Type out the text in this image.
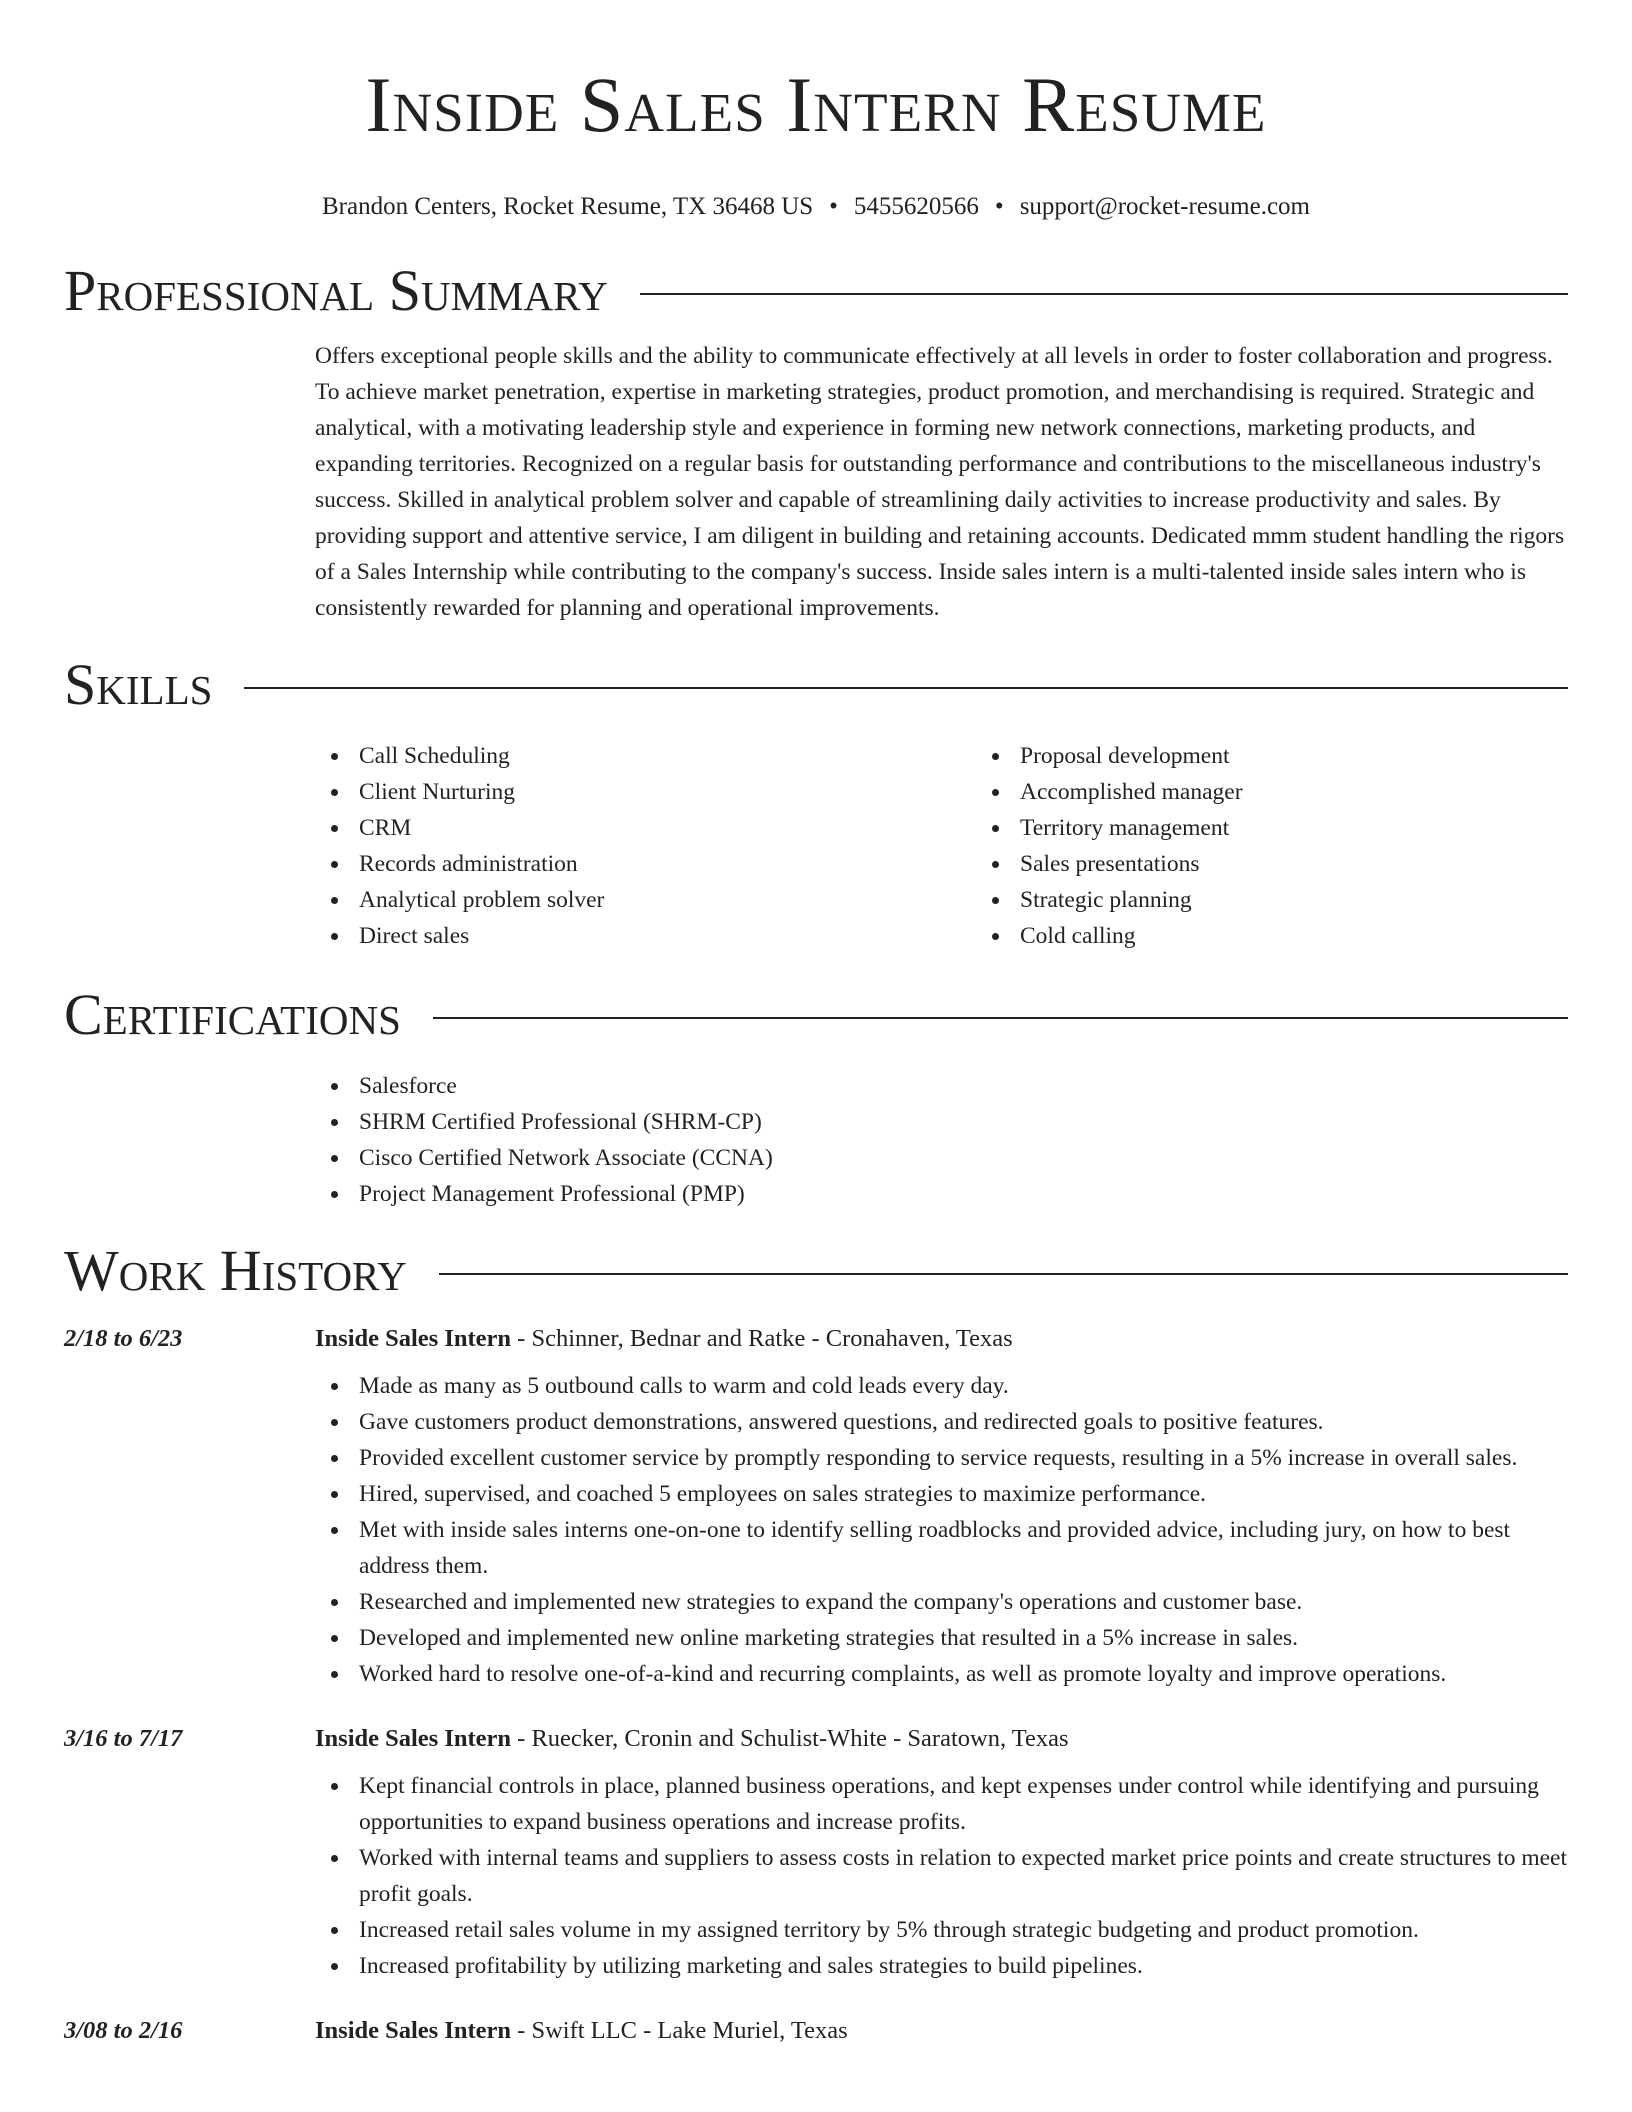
Inside Sales Intern Resume
Brandon Centers, Rocket Resume, TX 36468 US • 5455620566 • support@rocket-resume.com
Professional Summary
Offers exceptional people skills and the ability to communicate effectively at all levels in order to foster collaboration and progress. To achieve market penetration, expertise in marketing strategies, product promotion, and merchandising is required. Strategic and analytical, with a motivating leadership style and experience in forming new network connections, marketing products, and expanding territories. Recognized on a regular basis for outstanding performance and contributions to the miscellaneous industry's success. Skilled in analytical problem solver and capable of streamlining daily activities to increase productivity and sales. By providing support and attentive service, I am diligent in building and retaining accounts. Dedicated mmm student handling the rigors of a Sales Internship while contributing to the company's success. Inside sales intern is a multi-talented inside sales intern who is consistently rewarded for planning and operational improvements.
Skills
Call Scheduling
Client Nurturing
CRM
Records administration
Analytical problem solver
Direct sales
Proposal development
Accomplished manager
Territory management
Sales presentations
Strategic planning
Cold calling
Certifications
Salesforce
SHRM Certified Professional (SHRM-CP)
Cisco Certified Network Associate (CCNA)
Project Management Professional (PMP)
Work History
2/18 to 6/23	Inside Sales Intern - Schinner, Bednar and Ratke - Cronahaven, Texas
Made as many as 5 outbound calls to warm and cold leads every day.
Gave customers product demonstrations, answered questions, and redirected goals to positive features.
Provided excellent customer service by promptly responding to service requests, resulting in a 5% increase in overall sales.
Hired, supervised, and coached 5 employees on sales strategies to maximize performance.
Met with inside sales interns one-on-one to identify selling roadblocks and provided advice, including jury, on how to best address them.
Researched and implemented new strategies to expand the company's operations and customer base.
Developed and implemented new online marketing strategies that resulted in a 5% increase in sales.
Worked hard to resolve one-of-a-kind and recurring complaints, as well as promote loyalty and improve operations.
3/16 to 7/17	Inside Sales Intern - Ruecker, Cronin and Schulist-White - Saratown, Texas
Kept financial controls in place, planned business operations, and kept expenses under control while identifying and pursuing opportunities to expand business operations and increase profits.
Worked with internal teams and suppliers to assess costs in relation to expected market price points and create structures to meet profit goals.
Increased retail sales volume in my assigned territory by 5% through strategic budgeting and product promotion.
Increased profitability by utilizing marketing and sales strategies to build pipelines.
3/08 to 2/16	Inside Sales Intern - Swift LLC - Lake Muriel, Texas
